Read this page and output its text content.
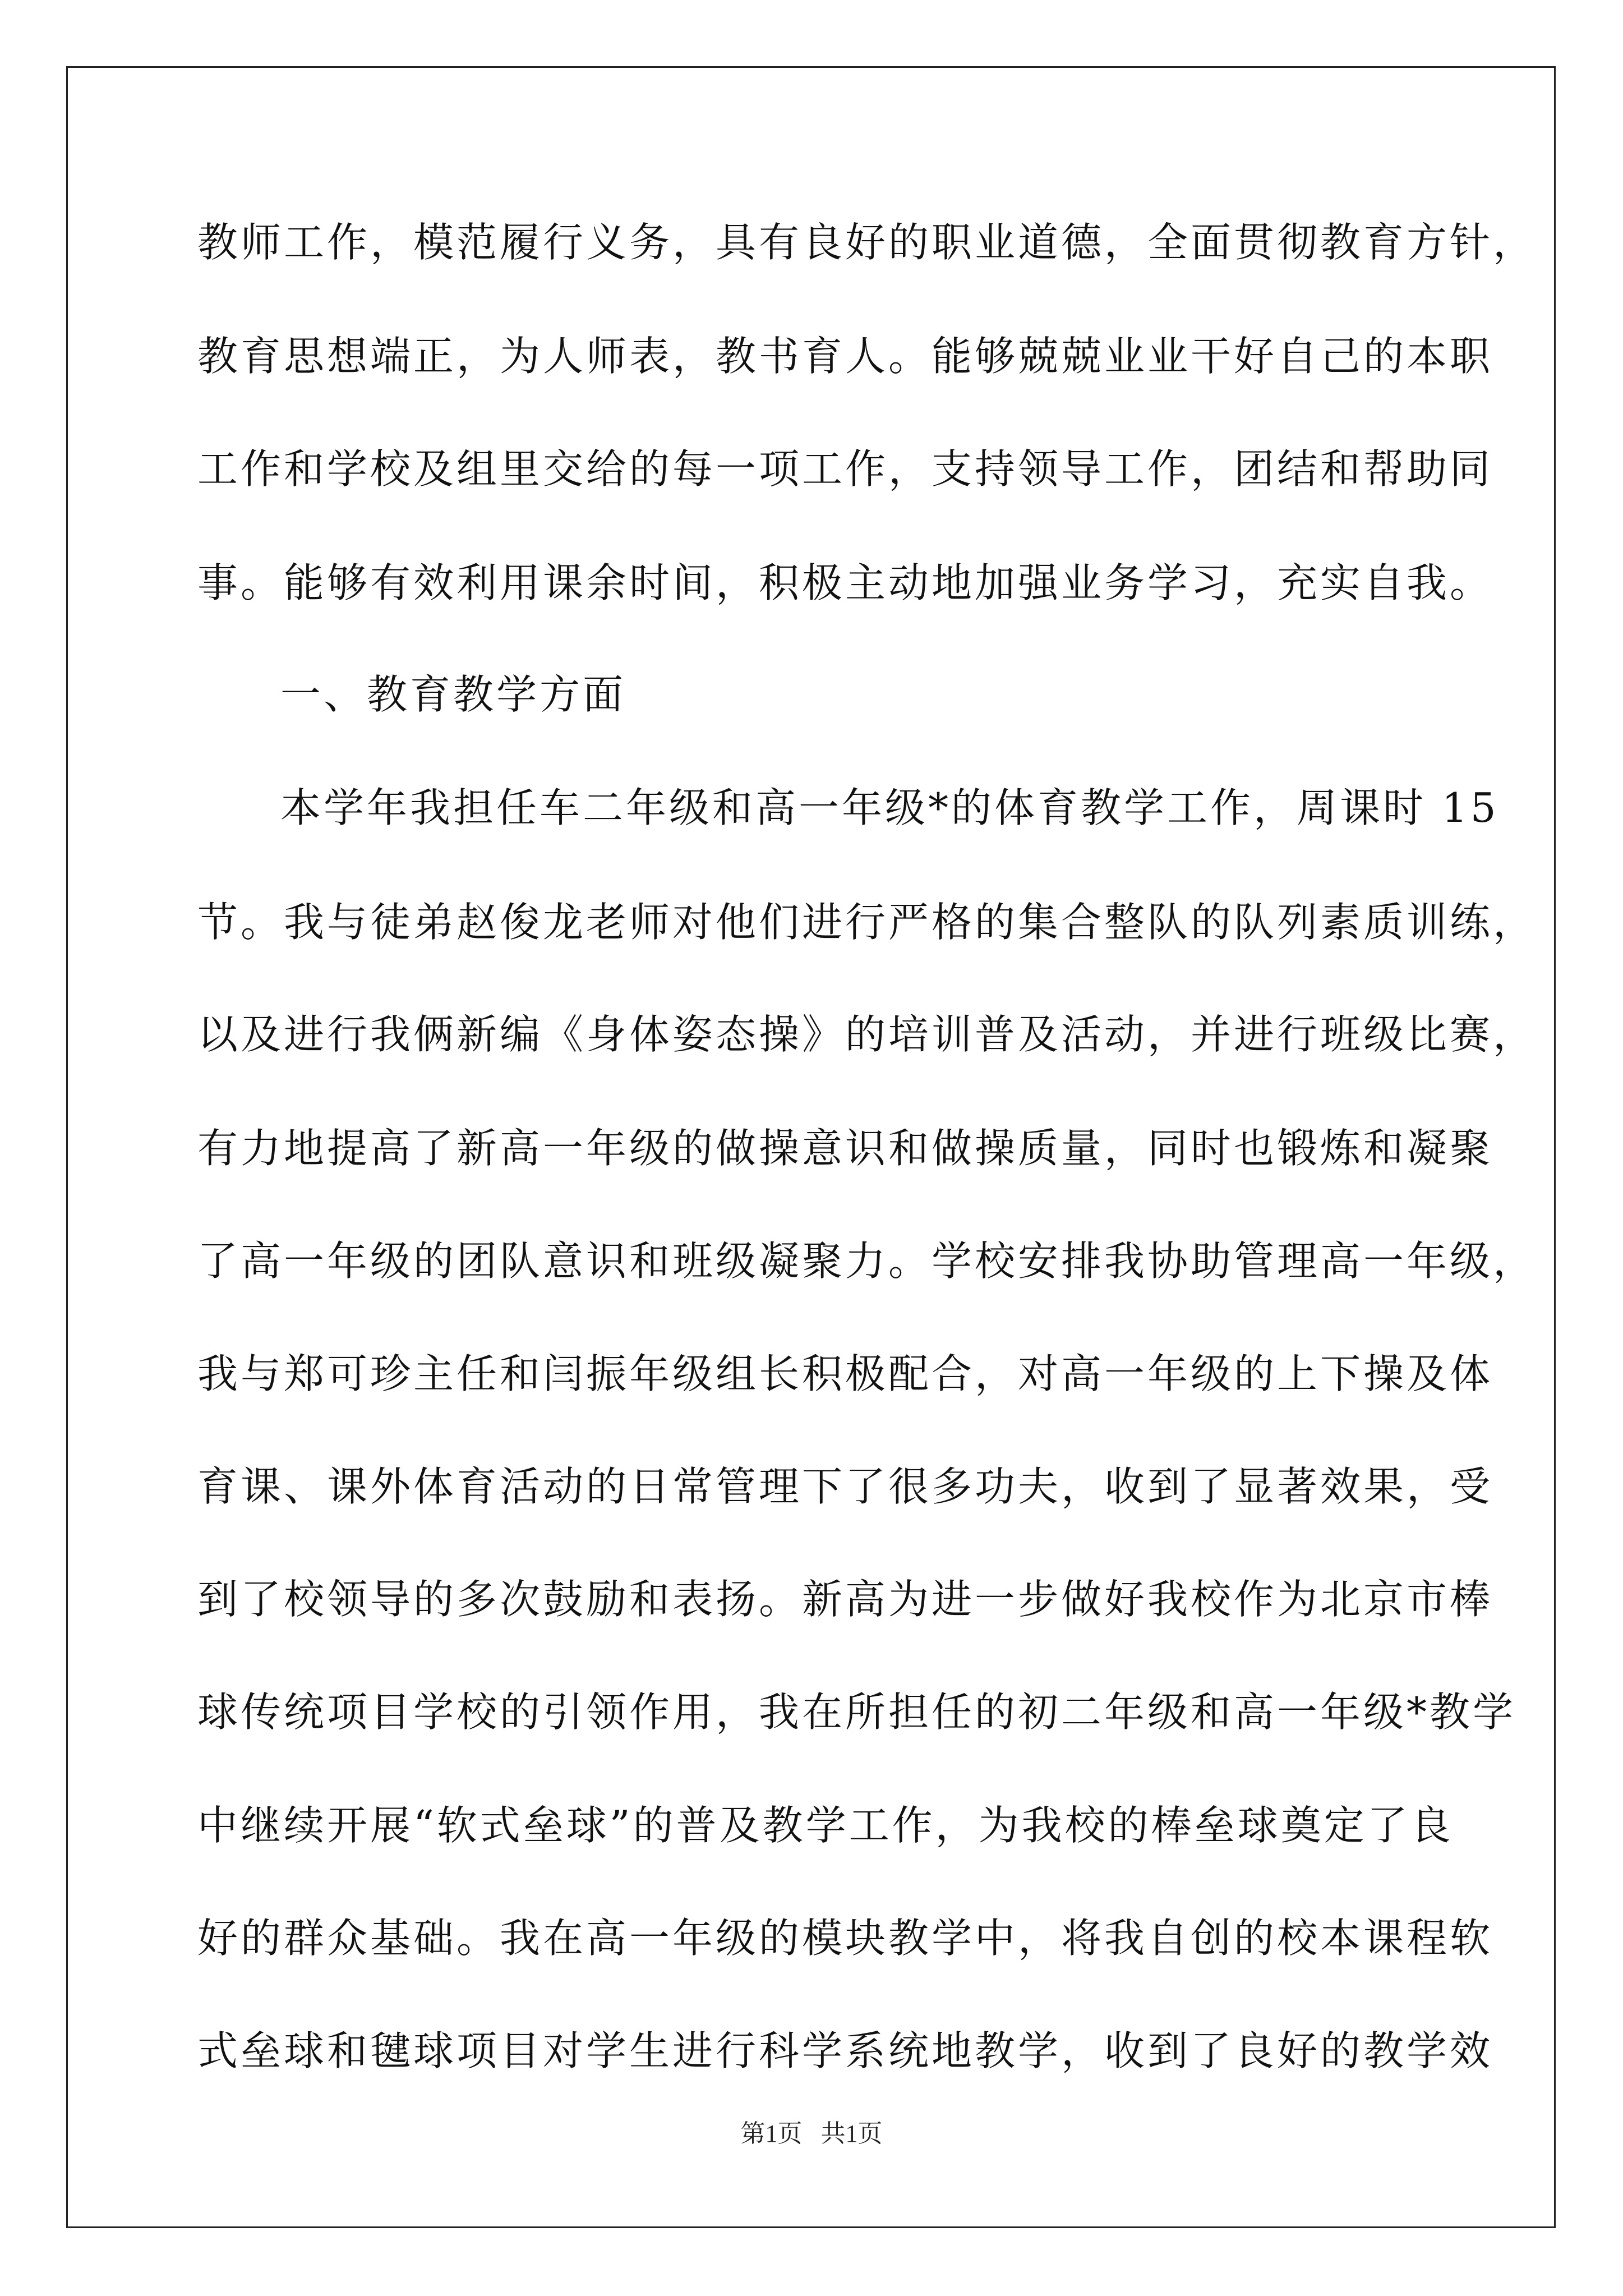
教师工作，模范履行义务，具有良好的职业道德，全面贯彻教育方针，
教育思想端正，为人师表，教书育人。能够兢兢业业干好自己的本职
工作和学校及组里交给的每一项工作，支持领导工作，团结和帮助同
事。能够有效利用课余时间，积极主动地加强业务学习，充实自我。
一、教育教学方面
本学年我担任车二年级和高一年级*的体育教学工作，周课时 15
节。我与徒弟赵俊龙老师对他们进行严格的集合整队的队列素质训练，
以及进行我俩新编《身体姿态操》的培训普及活动，并进行班级比赛，
有力地提高了新高一年级的做操意识和做操质量，同时也锻炼和凝聚
了高一年级的团队意识和班级凝聚力。学校安排我协助管理高一年级，
我与郑可珍主任和闫振年级组长积极配合，对高一年级的上下操及体
育课、课外体育活动的日常管理下了很多功夫，收到了显著效果，受
到了校领导的多次鼓励和表扬。新高为进一步做好我校作为北京市棒
球传统项目学校的引领作用，我在所担任的初二年级和高一年级*教学
中继续开展“软式垒球”的普及教学工作，为我校的棒垒球奠定了良
好的群众基础。我在高一年级的模块教学中，将我自创的校本课程软
式垒球和毽球项目对学生进行科学系统地教学，收到了良好的教学效
第1页   共1页
